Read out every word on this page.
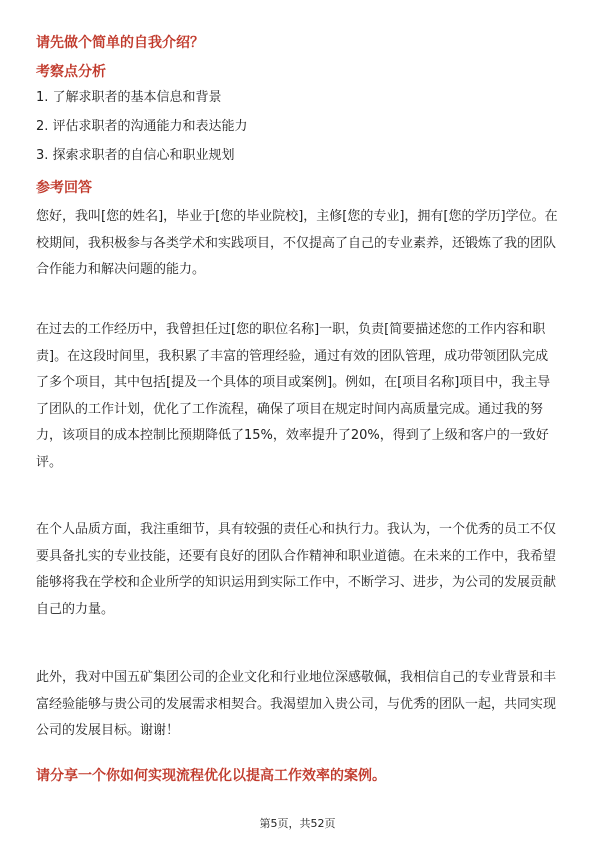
请先做个简单的自我介绍？
考察点分析
1. 了解求职者的基本信息和背景
2. 评估求职者的沟通能力和表达能力
3. 探索求职者的自信心和职业规划
参考回答

您好，我叫[您的姓名]，毕业于[您的毕业院校]，主修[您的专业]，拥有[您的学历]学位。在校期间，我积极参与各类学术和实践项目，不仅提高了自己的专业素养，还锻炼了我的团队合作能力和解决问题的能力。

在过去的工作经历中，我曾担任过[您的职位名称]一职，负责[简要描述您的工作内容和职责]。在这段时间里，我积累了丰富的管理经验，通过有效的团队管理，成功带领团队完成了多个项目，其中包括[提及一个具体的项目或案例]。例如，在[项目名称]项目中，我主导了团队的工作计划，优化了工作流程，确保了项目在规定时间内高质量完成。通过我的努力，该项目的成本控制比预期降低了15%，效率提升了20%，得到了上级和客户的一致好评。

在个人品质方面，我注重细节，具有较强的责任心和执行力。我认为，一个优秀的员工不仅要具备扎实的专业技能，还要有良好的团队合作精神和职业道德。在未来的工作中，我希望能够将我在学校和企业所学的知识运用到实际工作中，不断学习、进步，为公司的发展贡献自己的力量。

此外，我对中国五矿集团公司的企业文化和行业地位深感敬佩，我相信自己的专业背景和丰富经验能够与贵公司的发展需求相契合。我渴望加入贵公司，与优秀的团队一起，共同实现公司的发展目标。谢谢！

请分享一个你如何实现流程优化以提高工作效率的案例。
第5页，共52页
